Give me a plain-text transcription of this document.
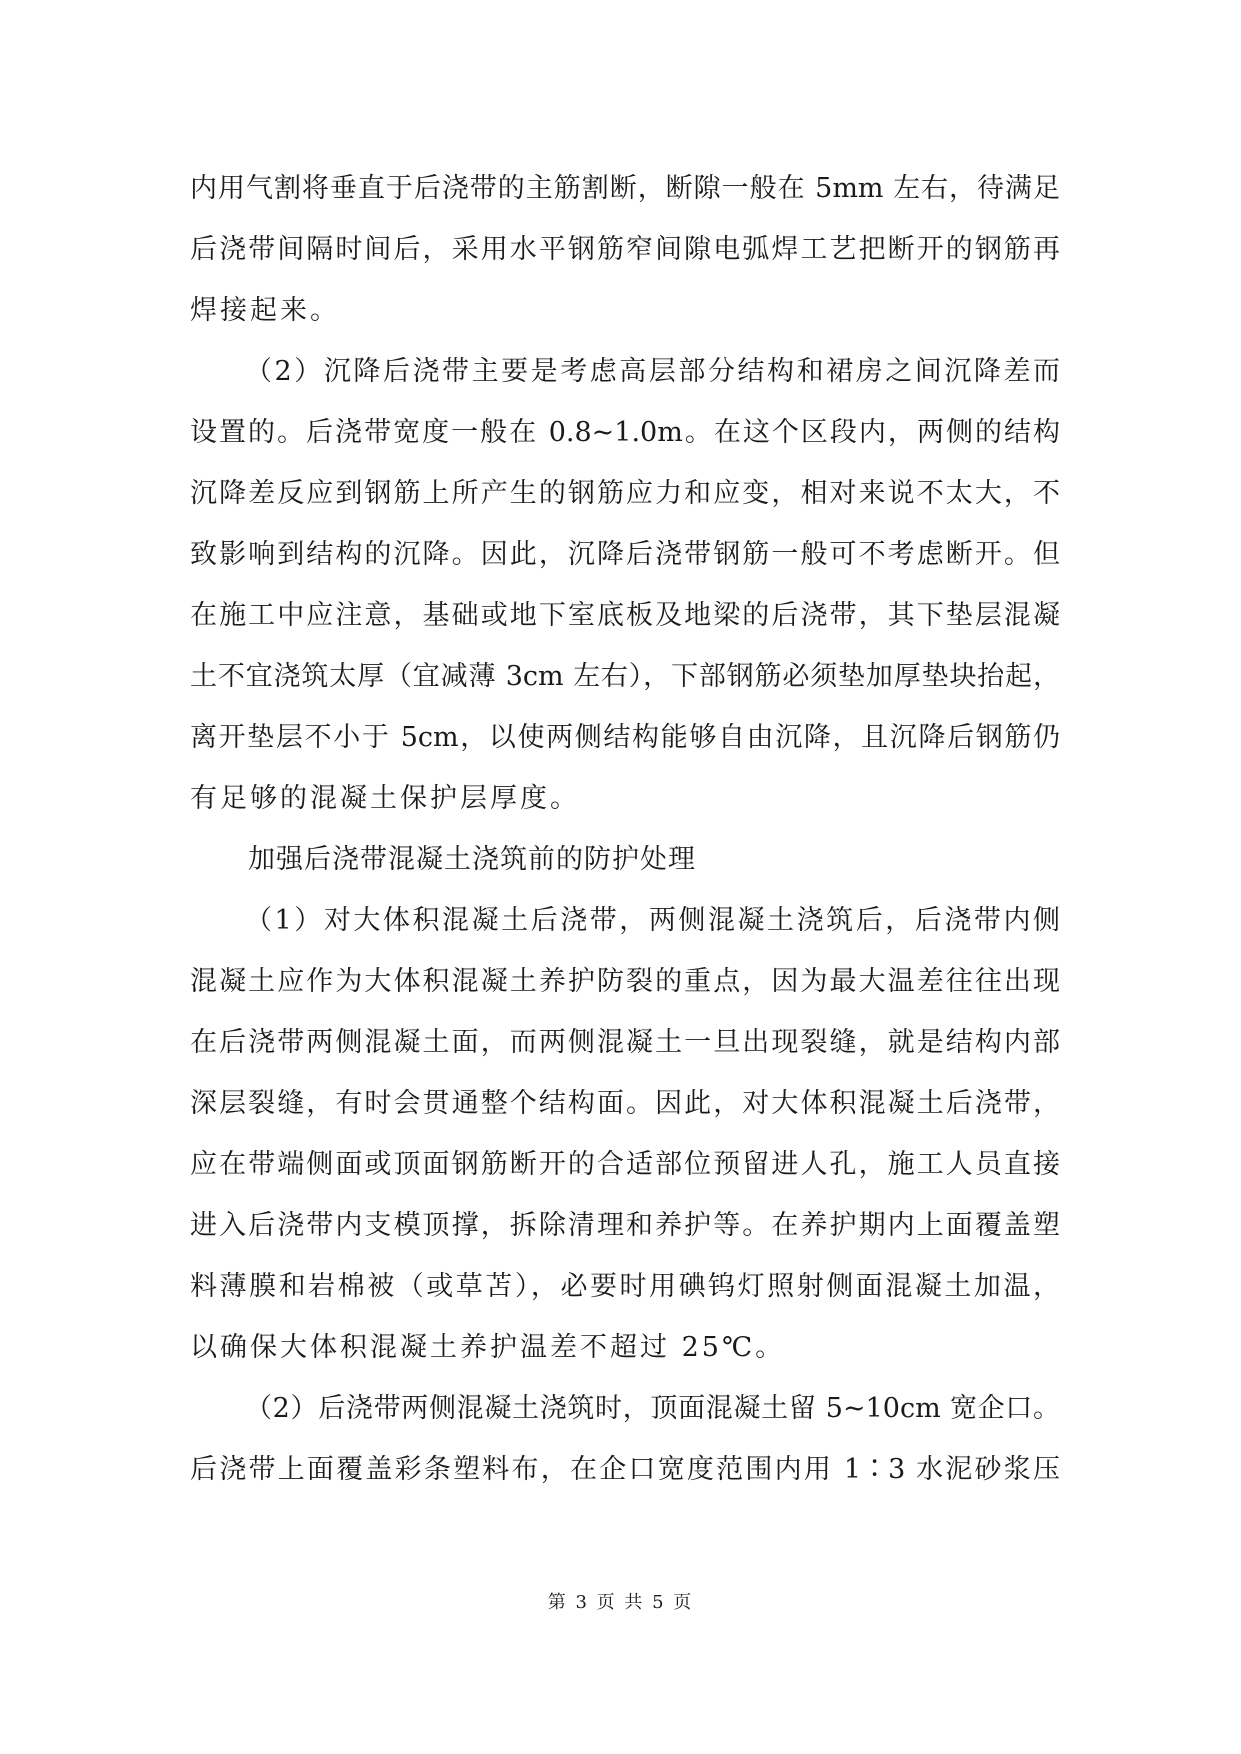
内用气割将垂直于后浇带的主筋割断，断隙一般在 5mm 左右，待满足
后浇带间隔时间后，采用水平钢筋窄间隙电弧焊工艺把断开的钢筋再
焊接起来。
（2）沉降后浇带主要是考虑高层部分结构和裙房之间沉降差而
设置的。后浇带宽度一般在 0.8~1.0m。在这个区段内，两侧的结构
沉降差反应到钢筋上所产生的钢筋应力和应变，相对来说不太大，不
致影响到结构的沉降。因此，沉降后浇带钢筋一般可不考虑断开。但
在施工中应注意，基础或地下室底板及地梁的后浇带，其下垫层混凝
土不宜浇筑太厚（宜减薄 3cm 左右），下部钢筋必须垫加厚垫块抬起，
离开垫层不小于 5cm，以使两侧结构能够自由沉降，且沉降后钢筋仍
有足够的混凝土保护层厚度。
加强后浇带混凝土浇筑前的防护处理
（1）对大体积混凝土后浇带，两侧混凝土浇筑后，后浇带内侧
混凝土应作为大体积混凝土养护防裂的重点，因为最大温差往往出现
在后浇带两侧混凝土面，而两侧混凝土一旦出现裂缝，就是结构内部
深层裂缝，有时会贯通整个结构面。因此，对大体积混凝土后浇带，
应在带端侧面或顶面钢筋断开的合适部位预留进人孔，施工人员直接
进入后浇带内支模顶撑，拆除清理和养护等。在养护期内上面覆盖塑
料薄膜和岩棉被（或草苫），必要时用碘钨灯照射侧面混凝土加温，
以确保大体积混凝土养护温差不超过 25℃。
（2）后浇带两侧混凝土浇筑时，顶面混凝土留 5~10cm 宽企口。
后浇带上面覆盖彩条塑料布，在企口宽度范围内用 1∶3 水泥砂浆压
第 3 页 共 5 页
